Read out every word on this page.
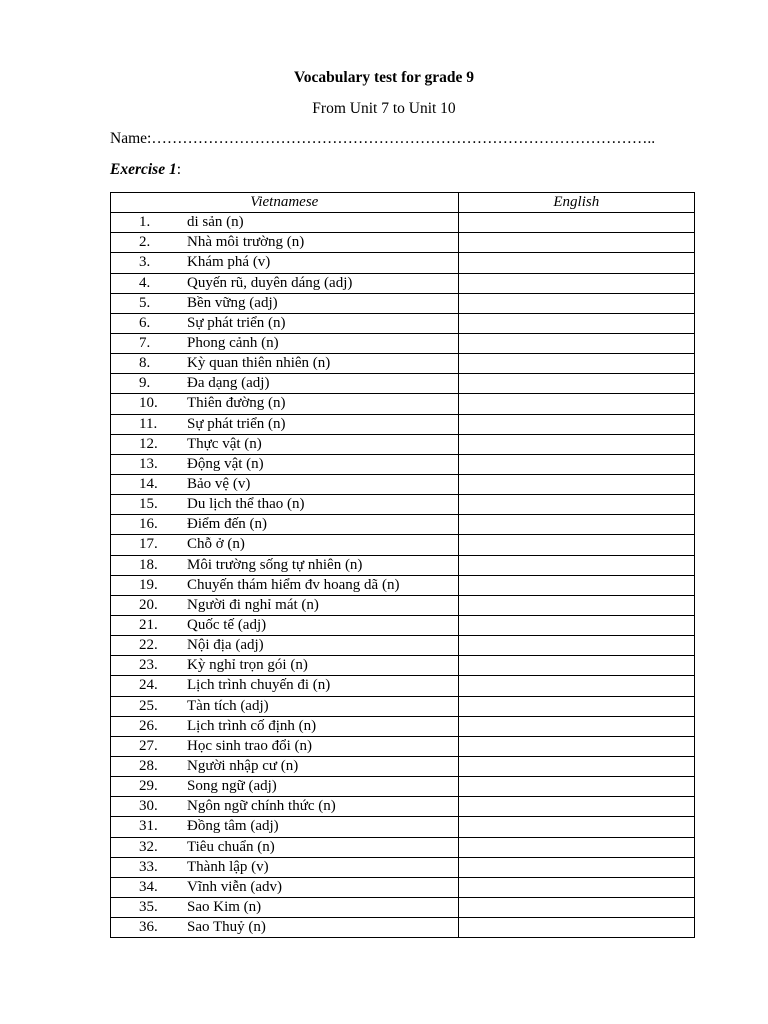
Vocabulary test for grade 9
From Unit 7 to Unit 10
Name:……………………………………………………………………………………..
Exercise 1:
Vietnamese	English
1. di sản (n)	
2. Nhà môi trường (n)	
3. Khám phá (v)	
4. Quyến rũ, duyên dáng (adj)	
5. Bền vững (adj)	
6. Sự phát triển (n)	
7. Phong cảnh (n)	
8. Kỳ quan thiên nhiên (n)	
9. Đa dạng (adj)	
10. Thiên đường (n)	
11. Sự phát triển (n)	
12. Thực vật (n)	
13. Động vật (n)	
14. Bảo vệ (v)	
15. Du lịch thể thao (n)	
16. Điểm đến (n)	
17. Chỗ ở (n)	
18. Môi trường sống tự nhiên (n)	
19. Chuyến thám hiểm đv hoang dã (n)	
20. Người đi nghỉ mát (n)	
21. Quốc tế (adj)	
22. Nội địa (adj)	
23. Kỳ nghỉ trọn gói (n)	
24. Lịch trình chuyến đi (n)	
25. Tàn tích (adj)	
26. Lịch trình cố định (n)	
27. Học sinh trao đổi (n)	
28. Người nhập cư (n)	
29. Song ngữ (adj)	
30. Ngôn ngữ chính thức (n)	
31. Đồng tâm (adj)	
32. Tiêu chuẩn (n)	
33. Thành lập (v)	
34. Vĩnh viễn (adv)	
35. Sao Kim (n)	
36. Sao Thuỷ (n)	
